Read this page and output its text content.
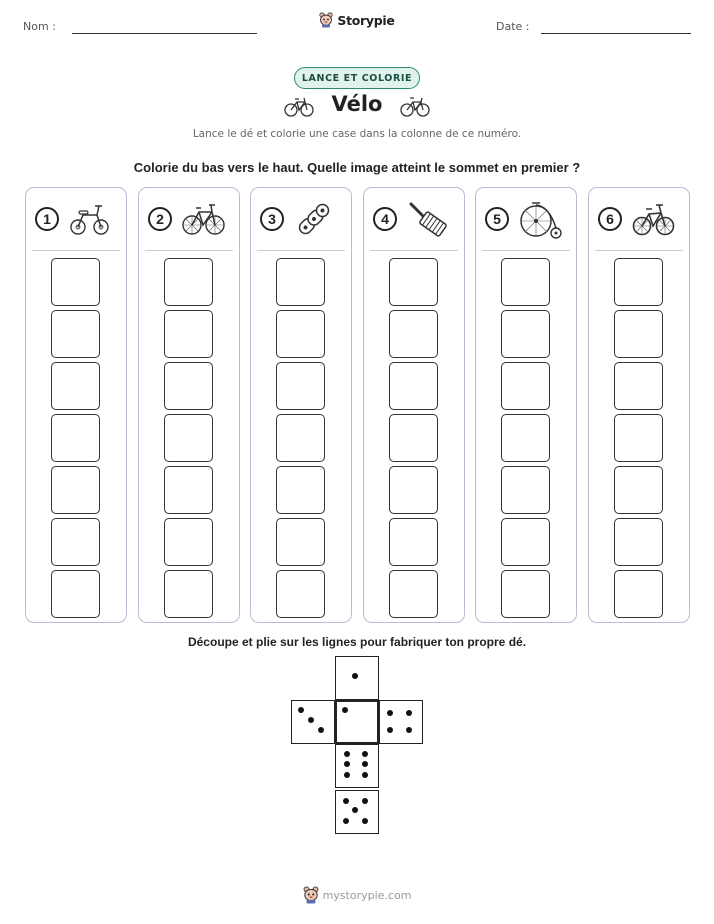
Nom :	Storypie	Date :
LANCE ET COLORIE
Vélo
Lance le dé et colorie une case dans la colonne de ce numéro.
Colorie du bas vers le haut. Quelle image atteint le sommet en premier ?
1	2	3	4	5	6
Découpe et plie sur les lignes pour fabriquer ton propre dé.
mystorypie.com
